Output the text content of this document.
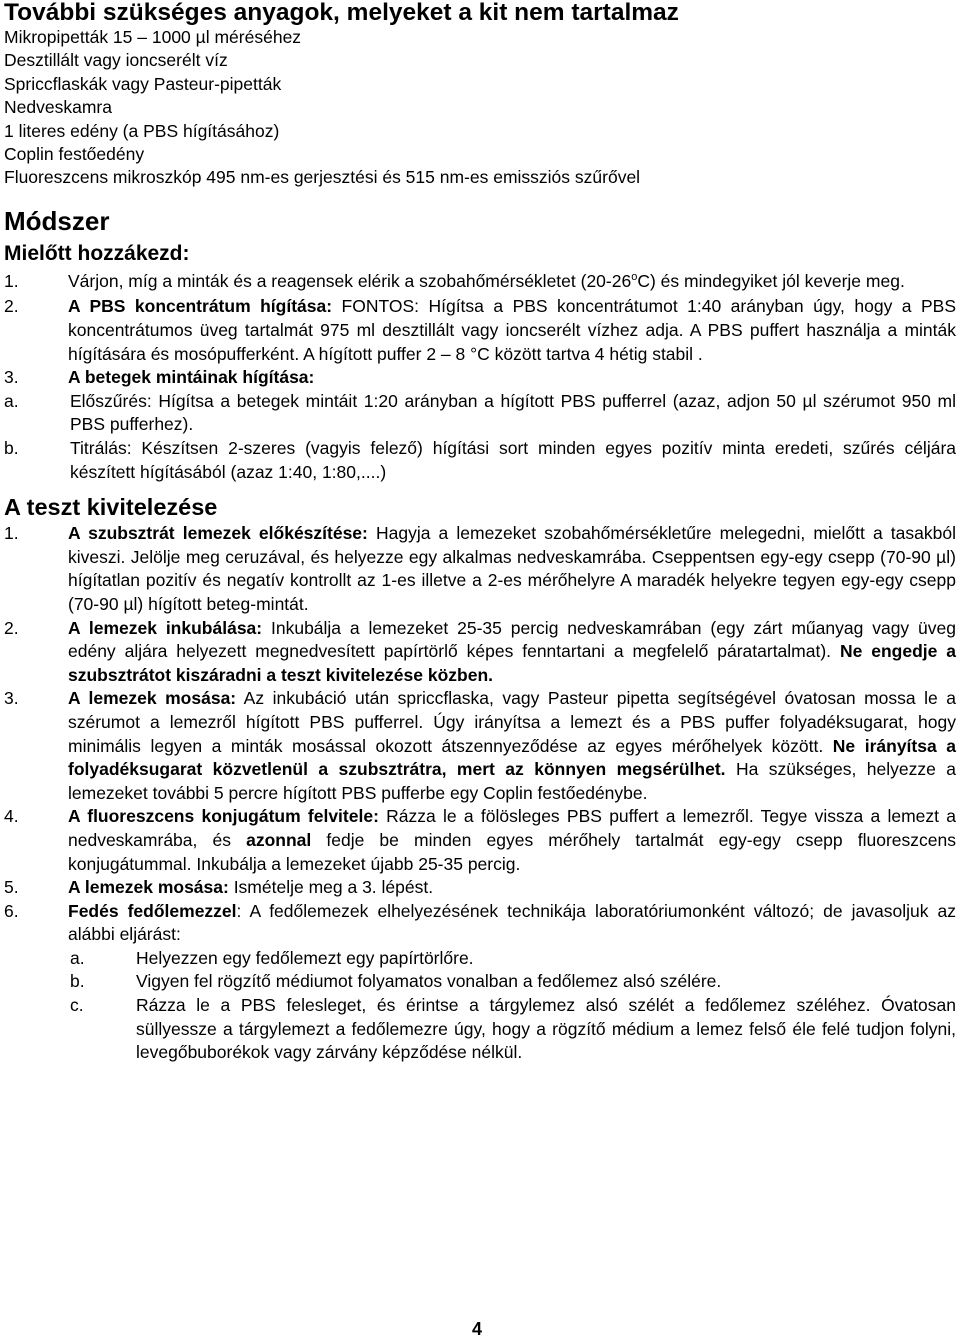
További szükséges anyagok, melyeket a kit nem tartalmaz
Mikropipetták 15 – 1000 µl méréséhez
Desztillált vagy ioncserélt víz
Spriccflaskák vagy Pasteur-pipetták
Nedveskamra
1 literes edény (a PBS hígításához)
Coplin festőedény
Fluoreszcens mikroszkóp 495 nm-es gerjesztési és 515 nm-es emissziós szűrővel
Módszer
Mielőtt hozzákezd:
1.	Várjon, míg a minták és a reagensek elérik a szobahőmérsékletet (20-26$^o$C) és mindegyiket jól keverje meg.
2.	A PBS koncentrátum hígítása: FONTOS: Hígítsa a PBS koncentrátumot 1:40 arányban úgy, hogy a PBS koncentrátumos üveg tartalmát 975 ml desztillált vagy ioncserélt vízhez adja. A PBS puffert használja a minták hígítására és mosópufferként. A hígított puffer 2 – 8 °C között tartva 4 hétig stabil .
3.	A betegek mintáinak hígítása:
a.	Előszűrés: Hígítsa a betegek mintáit 1:20 arányban a hígított PBS pufferrel (azaz, adjon 50 µl szérumot 950 ml PBS pufferhez).
b.	Titrálás: Készítsen 2-szeres (vagyis felező) hígítási sort minden egyes pozitív minta eredeti, szűrés céljára készített hígításából (azaz 1:40, 1:80,....)
A teszt kivitelezése
1.	A szubsztrát lemezek előkészítése: Hagyja a lemezeket szobahőmérsékletűre melegedni, mielőtt a tasakból kiveszi. Jelölje meg ceruzával, és helyezze egy alkalmas nedveskamrába. Cseppentsen egy-egy csepp (70-90 µl) hígítatlan pozitív és negatív kontrollt az 1-es illetve a 2-es mérőhelyre A maradék helyekre tegyen egy-egy csepp (70-90 µl) hígított beteg-mintát.
2.	A lemezek inkubálása: Inkubálja a lemezeket 25-35 percig nedveskamrában (egy zárt műanyag vagy üveg edény aljára helyezett megnedvesített papírtörlő képes fenntartani a megfelelő páratartalmat). Ne engedje a szubsztrátot kiszáradni a teszt kivitelezése közben.
3.	A lemezek mosása: Az inkubáció után spriccflaska, vagy Pasteur pipetta segítségével óvatosan mossa le a szérumot a lemezről hígított PBS pufferrel. Úgy irányítsa a lemezt és a PBS puffer folyadéksugarat, hogy minimális legyen a minták mosással okozott átszennyeződése az egyes mérőhelyek között. Ne irányítsa a folyadéksugarat közvetlenül a szubsztrátra, mert az könnyen megsérülhet. Ha szükséges, helyezze a lemezeket további 5 percre hígított PBS pufferbe egy Coplin festőedénybe.
4.	A fluoreszcens konjugátum felvitele: Rázza le a fölösleges PBS puffert a lemezről. Tegye vissza a lemezt a nedveskamrába, és azonnal fedje be minden egyes mérőhely tartalmát egy-egy csepp fluoreszcens konjugátummal. Inkubálja a lemezeket újabb 25-35 percig.
5.	A lemezek mosása: Ismételje meg a 3. lépést.
6.	Fedés fedőlemezzel: A fedőlemezek elhelyezésének technikája laboratóriumonként változó; de javasoljuk az alábbi eljárást:
a.	Helyezzen egy fedőlemezt egy papírtörlőre.
b.	Vigyen fel rögzítő médiumot folyamatos vonalban a fedőlemez alsó szélére.
c.	Rázza le a PBS felesleget, és érintse a tárgylemez alsó szélét a fedőlemez széléhez. Óvatosan süllyessze a tárgylemezt a fedőlemezre úgy, hogy a rögzítő médium a lemez felső éle felé tudjon folyni, levegőbuborékok vagy zárvány képződése nélkül.
4
